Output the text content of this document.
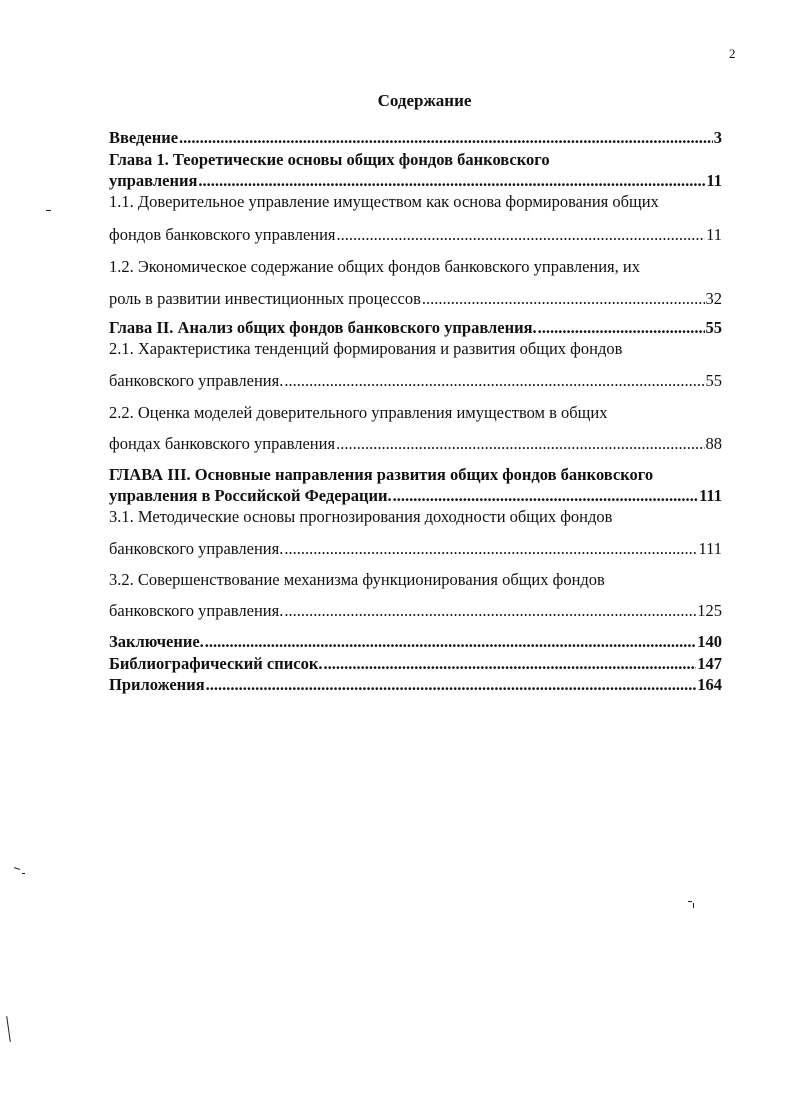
2
Содержание
Введение .....	3
Глава 1. Теоретические основы общих фондов банковского
управления .....	11
1.1. Доверительное управление имуществом как основа формирования общих
фондов банковского управления .....	11
1.2. Экономическое содержание общих фондов банковского управления, их
роль в развитии инвестиционных процессов .....	32
Глава II. Анализ общих фондов банковского управления. .....	55
2.1. Характеристика тенденций формирования и развития общих фондов
банковского управления. .....	55
2.2. Оценка моделей доверительного управления имуществом в общих
фондах банковского управления .....	88
ГЛАВА III. Основные направления развития общих фондов банковского
управления в Российской Федерации. .....	111
3.1. Методические основы прогнозирования доходности общих фондов
банковского управления. .....	111
3.2. Совершенствование механизма функционирования общих фондов
банковского управления. .....	125
Заключение. .....	140
Библиографический список. .....	147
Приложения .....	164
